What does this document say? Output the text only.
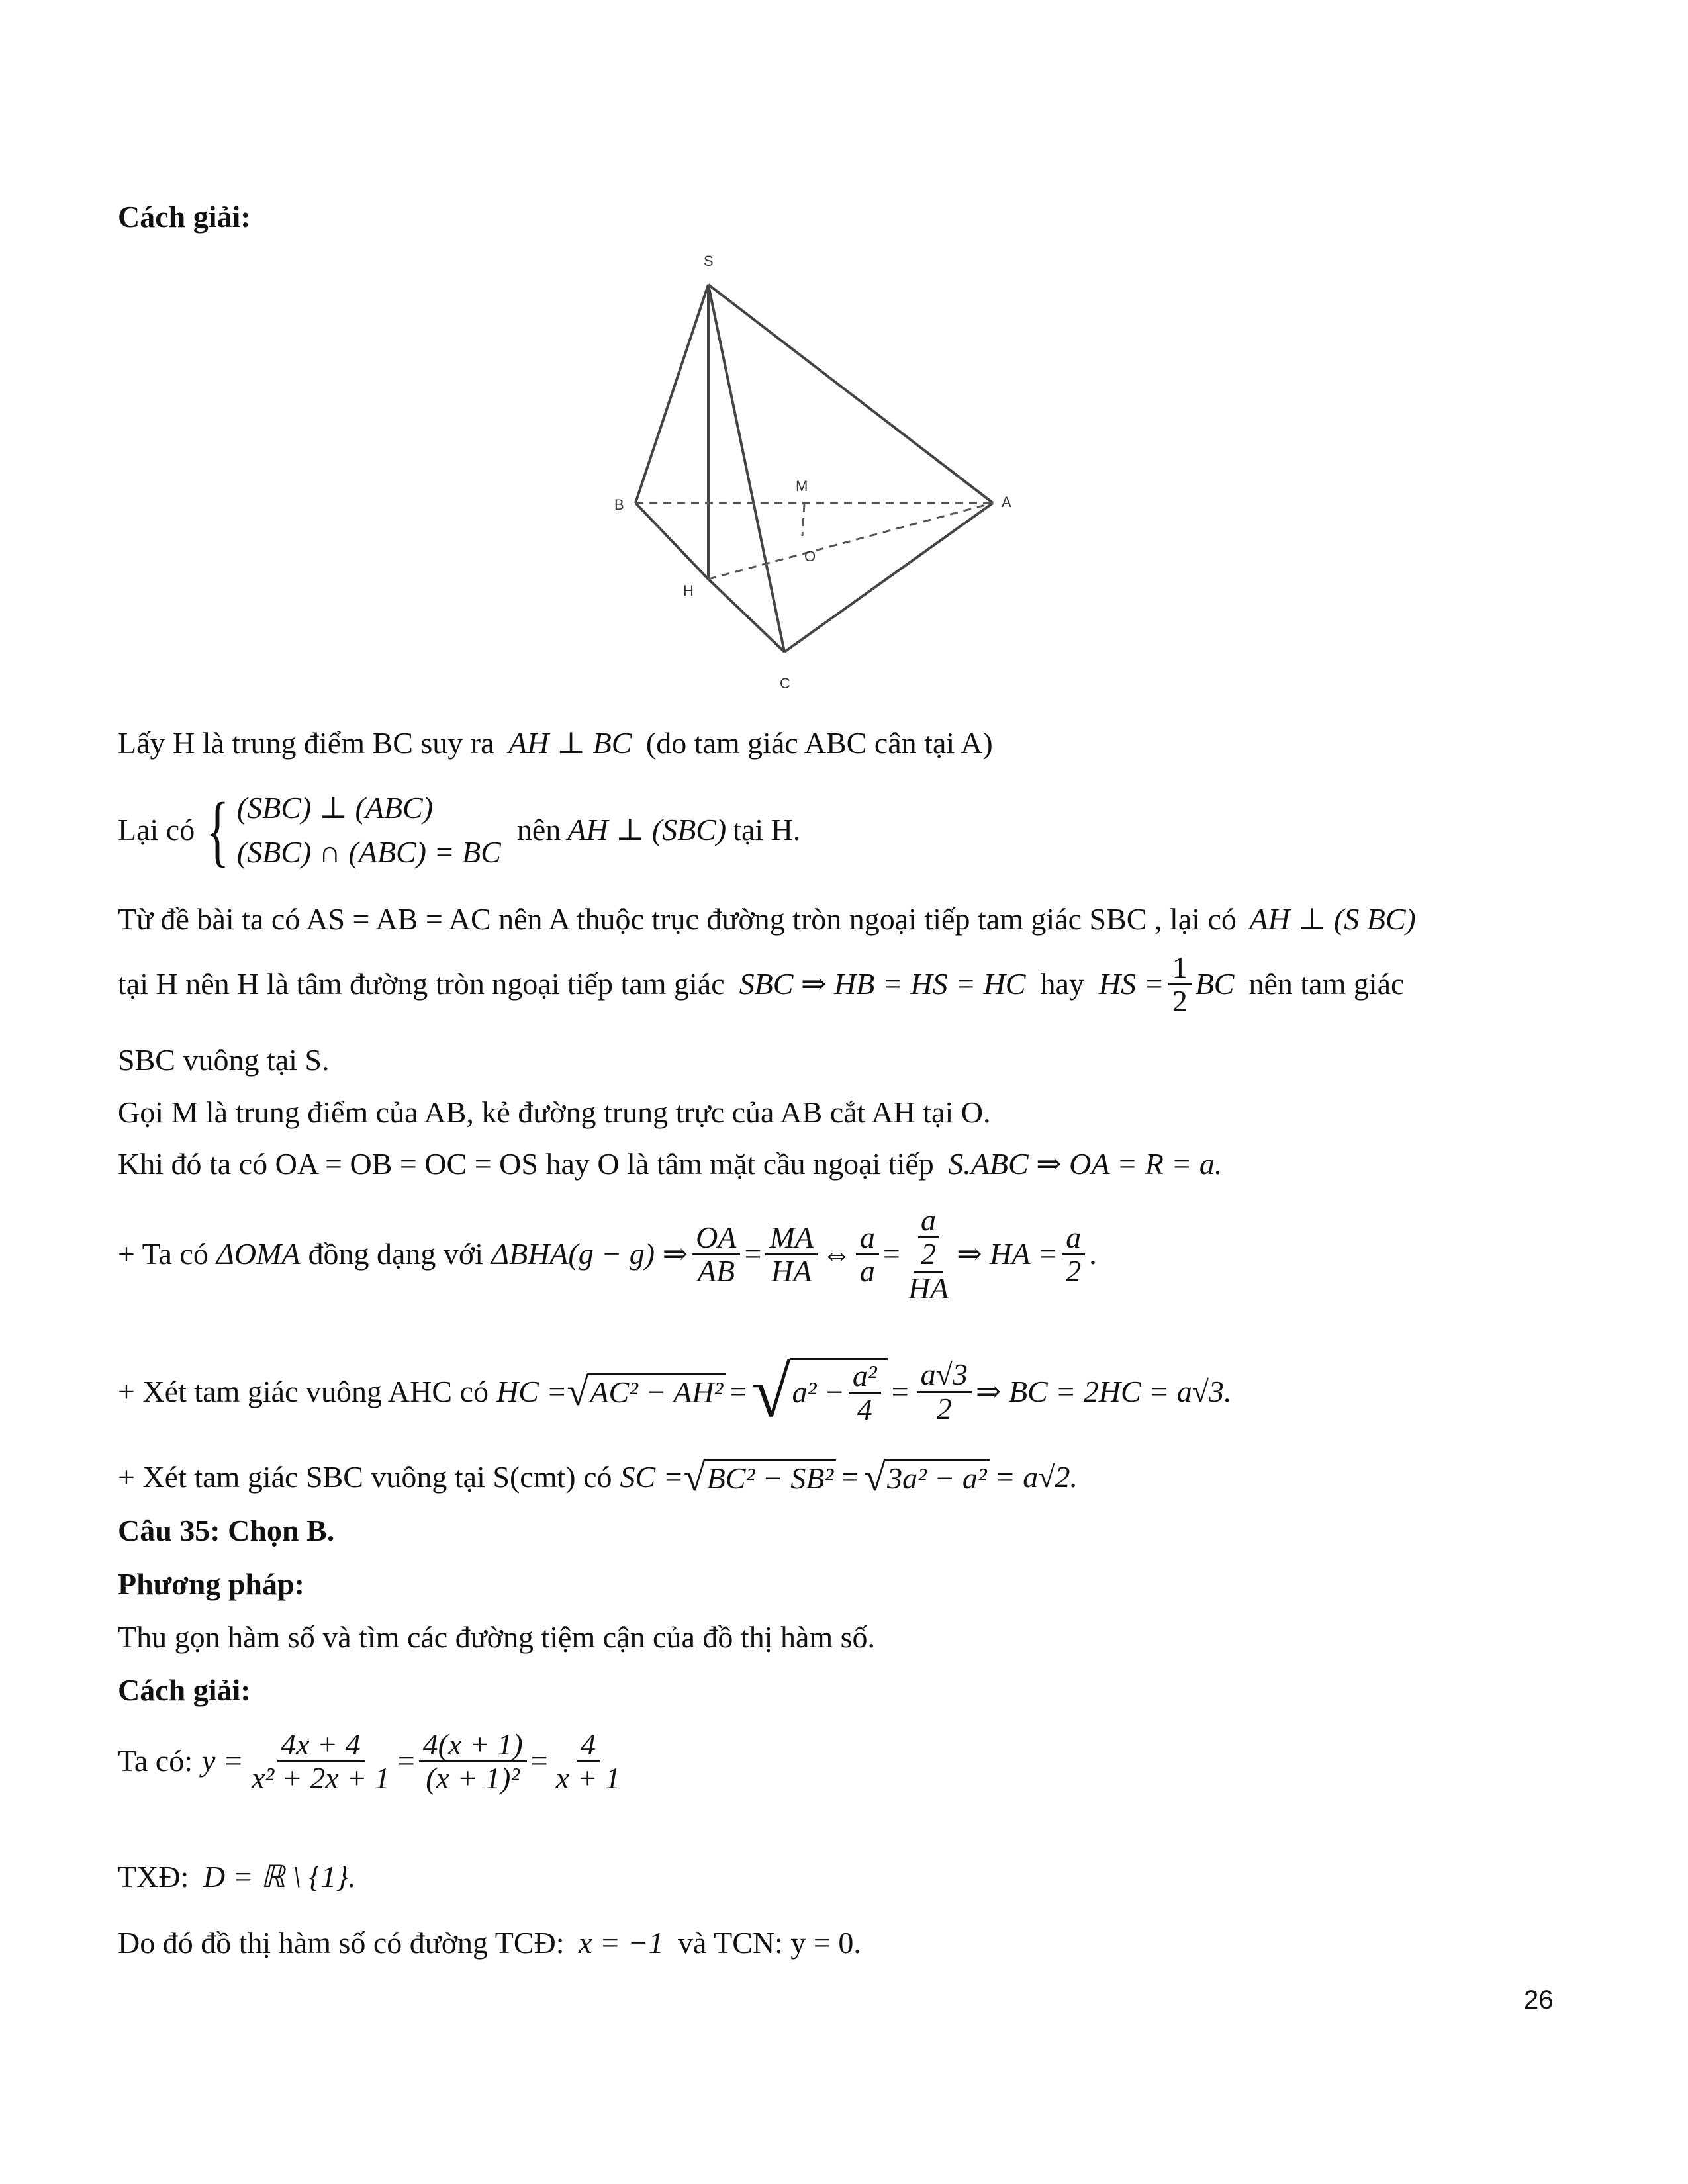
Cách giải:
S
B
M
A
O
H
C
Lấy H là trung điểm BC suy ra AH ⊥ BC (do tam giác ABC cân tại A)
Lại có { (SBC) ⊥ (ABC)
(SBC) ∩ (ABC) = BC
nên AH ⊥ (SBC) tại H.
Từ đề bài ta có AS = AB = AC nên A thuộc trục đường tròn ngoại tiếp tam giác SBC , lại có AH ⊥ (S BC)
tại H nên H là tâm đường tròn ngoại tiếp tam giác SBC ⇒ HB = HS = HC hay HS = $\frac{1}{2}$ BC nên tam giác
SBC vuông tại S.
Gọi M là trung điểm của AB, kẻ đường trung trực của AB cắt AH tại O.
Khi đó ta có OA = OB = OC = OS hay O là tâm mặt cầu ngoại tiếp S.ABC ⇒ OA = R = a.
+ Ta có ΔOMA đồng dạng với ΔBHA(g − g) ⇒ $\frac{OA}{AB} = \frac{MA}{HA}$ ⇔ $\frac{a}{a} = a$
2
HA ⇒ HA = $\frac{a}{2}$ .
+ Xét tam giác vuông AHC có HC = √ AC² − AH² = √ $a^2 - \frac{\text{a²}}{4} = \frac{a√3}{2}$ ⇒ BC = 2HC = a√3.
+ Xét tam giác SBC vuông tại S(cmt) có SC = √ BC² − SB² = √ 3a² − a² = a√2.
Câu 35: Chọn B.
Phương pháp:
Thu gọn hàm số và tìm các đường tiệm cận của đồ thị hàm số.
Cách giải:
Ta có: $y = \frac{4x + 4}{\text{x² + 2x + 1}} = \frac{4(x + 1)}{\text{(x + 1)²}} = \frac{4}{x + 1}$
TXĐ: D = ℝ \ {1}.
Do đó đồ thị hàm số có đường TCĐ: x = −1 và TCN: y = 0.
26
